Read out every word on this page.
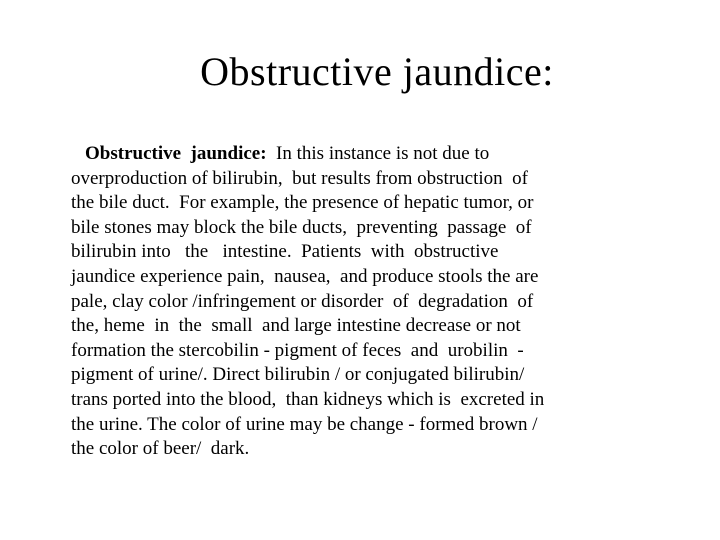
Obstructive jaundice:
Obstructive  jaundice:  In this instance is not due to
overproduction of bilirubin,  but results from obstruction  of
the bile duct.  For example, the presence of hepatic tumor, or
bile stones may block the bile ducts,  preventing  passage  of
bilirubin into   the   intestine.  Patients  with  obstructive
jaundice experience pain,  nausea,  and produce stools the are
pale, clay color /infringement or disorder  of  degradation  of
the, heme  in  the  small  and large intestine decrease or not
formation the stercobilin - pigment of feces  and  urobilin  -
pigment of urine/. Direct bilirubin / or conjugated bilirubin/
trans ported into the blood,  than kidneys which is  excreted in
the urine. The color of urine may be change - formed brown /
the color of beer/  dark.
